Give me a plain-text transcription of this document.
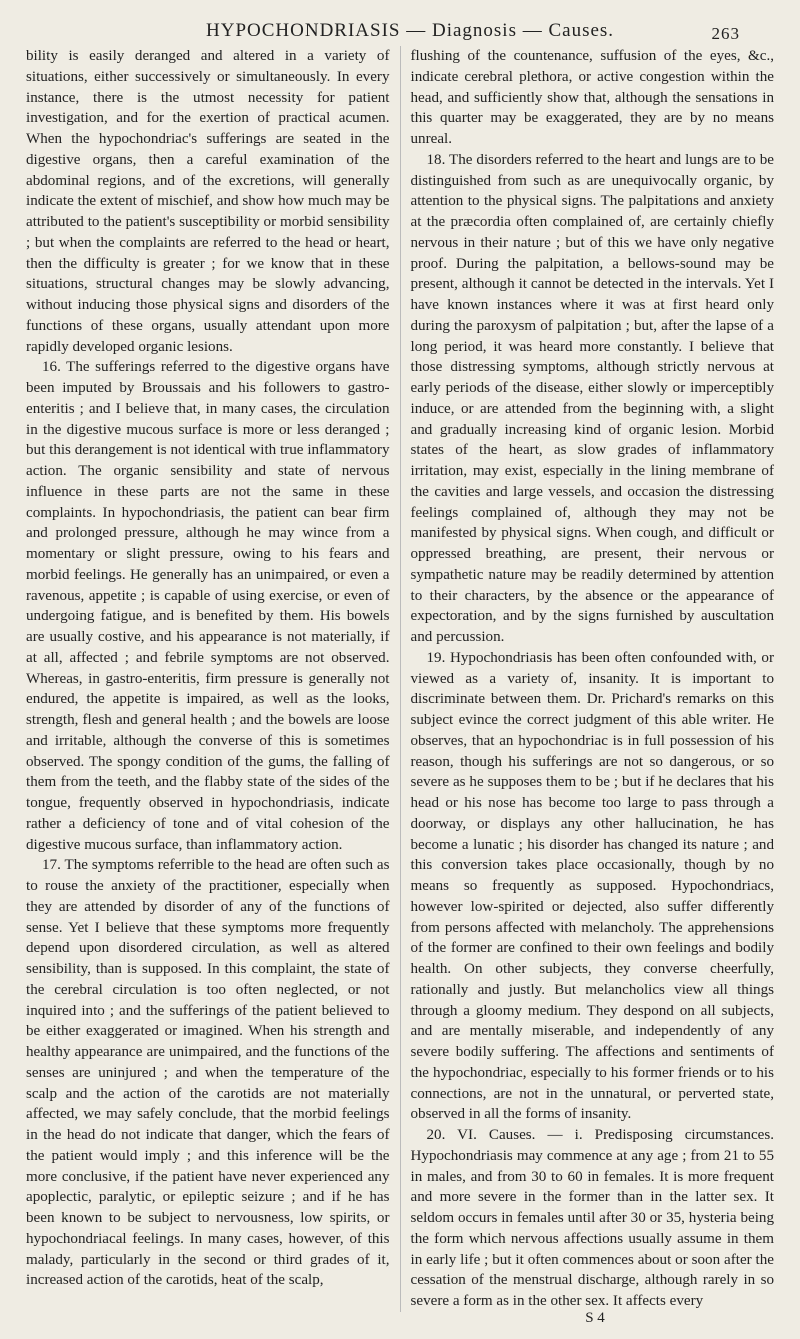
HYPOCHONDRIASIS — Diagnosis — Causes.	263

bility is easily deranged and altered in a variety of situations, either successively or simultaneously. In every instance, there is the utmost necessity for patient investigation, and for the exertion of practical acumen. When the hypochondriac's sufferings are seated in the digestive organs, then a careful examination of the abdominal regions, and of the excretions, will generally indicate the extent of mischief, and show how much may be attributed to the patient's susceptibility or morbid sensibility ; but when the complaints are referred to the head or heart, then the difficulty is greater ; for we know that in these situations, structural changes may be slowly advancing, without inducing those physical signs and disorders of the functions of these organs, usually attendant upon more rapidly developed organic lesions.

16. The sufferings referred to the digestive organs have been imputed by Broussais and his followers to gastro-enteritis ; and I believe that, in many cases, the circulation in the digestive mucous surface is more or less deranged ; but this derangement is not identical with true inflammatory action. The organic sensibility and state of nervous influence in these parts are not the same in these complaints. In hypochondriasis, the patient can bear firm and prolonged pressure, although he may wince from a momentary or slight pressure, owing to his fears and morbid feelings. He generally has an unimpaired, or even a ravenous, appetite ; is capable of using exercise, or even of undergoing fatigue, and is benefited by them. His bowels are usually costive, and his appearance is not materially, if at all, affected ; and febrile symptoms are not observed. Whereas, in gastro-enteritis, firm pressure is generally not endured, the appetite is impaired, as well as the looks, strength, flesh and general health ; and the bowels are loose and irritable, although the converse of this is sometimes observed. The spongy condition of the gums, the falling of them from the teeth, and the flabby state of the sides of the tongue, frequently observed in hypochondriasis, indicate rather a deficiency of tone and of vital cohesion of the digestive mucous surface, than inflammatory action.

17. The symptoms referrible to the head are often such as to rouse the anxiety of the practitioner, especially when they are attended by disorder of any of the functions of sense. Yet I believe that these symptoms more frequently depend upon disordered circulation, as well as altered sensibility, than is supposed. In this complaint, the state of the cerebral circulation is too often neglected, or not inquired into ; and the sufferings of the patient believed to be either exaggerated or imagined. When his strength and healthy appearance are unimpaired, and the functions of the senses are uninjured ; and when the temperature of the scalp and the action of the carotids are not materially affected, we may safely conclude, that the morbid feelings in the head do not indicate that danger, which the fears of the patient would imply ; and this inference will be the more conclusive, if the patient have never experienced any apoplectic, paralytic, or epileptic seizure ; and if he has been known to be subject to nervousness, low spirits, or hypochondriacal feelings. In many cases, however, of this malady, particularly in the second or third grades of it, increased action of the carotids, heat of the scalp,

flushing of the countenance, suffusion of the eyes, &c., indicate cerebral plethora, or active congestion within the head, and sufficiently show that, although the sensations in this quarter may be exaggerated, they are by no means unreal.

18. The disorders referred to the heart and lungs are to be distinguished from such as are unequivocally organic, by attention to the physical signs. The palpitations and anxiety at the præcordia often complained of, are certainly chiefly nervous in their nature ; but of this we have only negative proof. During the palpitation, a bellows-sound may be present, although it cannot be detected in the intervals. Yet I have known instances where it was at first heard only during the paroxysm of palpitation ; but, after the lapse of a long period, it was heard more constantly. I believe that those distressing symptoms, although strictly nervous at early periods of the disease, either slowly or imperceptibly induce, or are attended from the beginning with, a slight and gradually increasing kind of organic lesion. Morbid states of the heart, as slow grades of inflammatory irritation, may exist, especially in the lining membrane of the cavities and large vessels, and occasion the distressing feelings complained of, although they may not be manifested by physical signs. When cough, and difficult or oppressed breathing, are present, their nervous or sympathetic nature may be readily determined by attention to their characters, by the absence or the appearance of expectoration, and by the signs furnished by auscultation and percussion.

19. Hypochondriasis has been often confounded with, or viewed as a variety of, insanity. It is important to discriminate between them. Dr. Prichard's remarks on this subject evince the correct judgment of this able writer. He observes, that an hypochondriac is in full possession of his reason, though his sufferings are not so dangerous, or so severe as he supposes them to be ; but if he declares that his head or his nose has become too large to pass through a doorway, or displays any other hallucination, he has become a lunatic ; his disorder has changed its nature ; and this conversion takes place occasionally, though by no means so frequently as supposed. Hypochondriacs, however low-spirited or dejected, also suffer differently from persons affected with melancholy. The apprehensions of the former are confined to their own feelings and bodily health. On other subjects, they converse cheerfully, rationally and justly. But melancholics view all things through a gloomy medium. They despond on all subjects, and are mentally miserable, and independently of any severe bodily suffering. The affections and sentiments of the hypochondriac, especially to his former friends or to his connections, are not in the unnatural, or perverted state, observed in all the forms of insanity.

20. VI. Causes. — i. Predisposing circumstances. Hypochondriasis may commence at any age ; from 21 to 55 in males, and from 30 to 60 in females. It is more frequent and more severe in the former than in the latter sex. It seldom occurs in females until after 30 or 35, hysteria being the form which nervous affections usually assume in them in early life ; but it often commences about or soon after the cessation of the menstrual discharge, although rarely in so severe a form as in the other sex. It affects every

S 4
